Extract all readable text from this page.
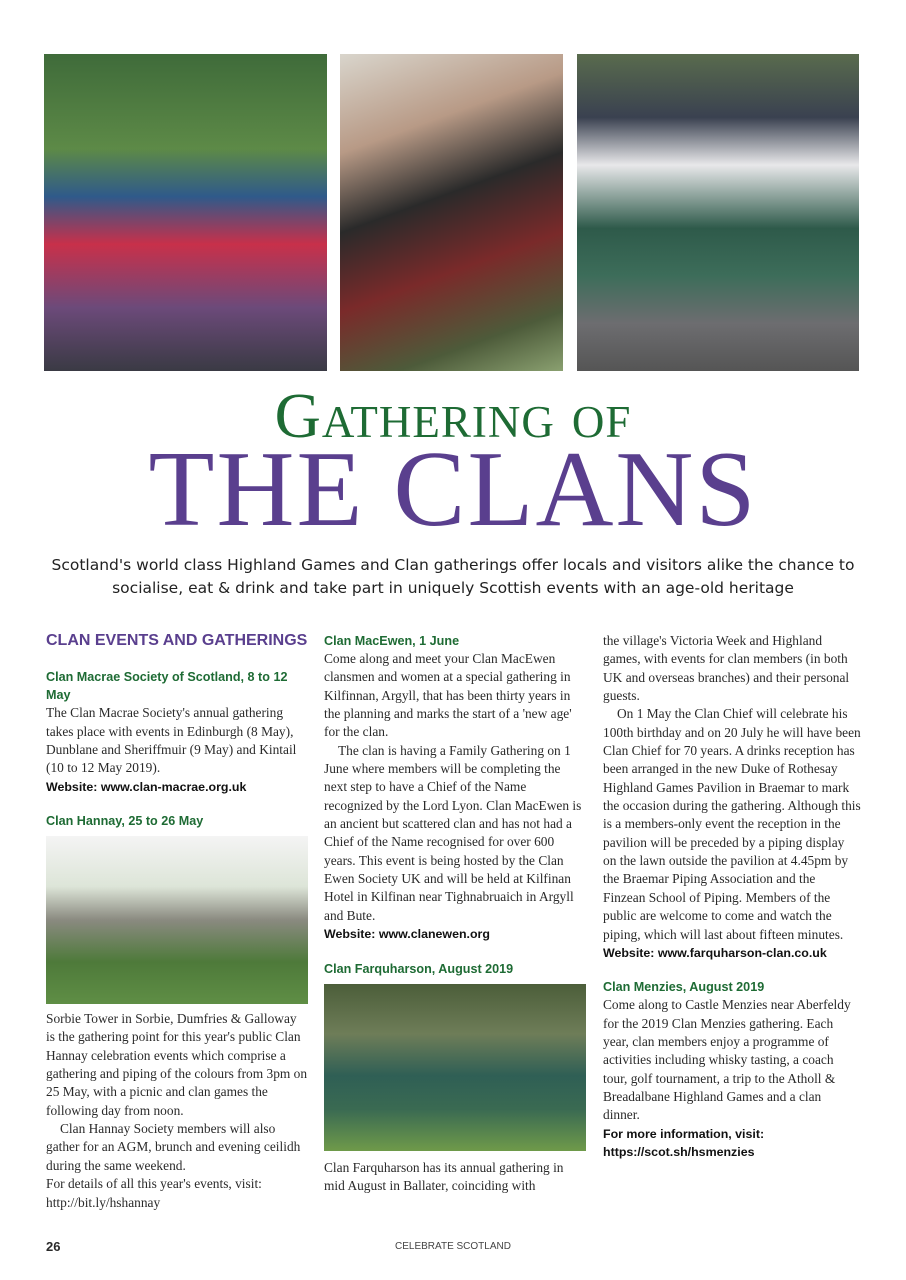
Gathering of
THE CLANS
Scotland's world class Highland Games and Clan gatherings offer locals and visitors alike the chance to socialise, eat & drink and take part in uniquely Scottish events with an age-old heritage
CLAN EVENTS AND GATHERINGS
Clan Macrae Society of Scotland, 8 to 12 May

The Clan Macrae Society's annual gathering takes place with events in Edinburgh (8 May), Dunblane and Sheriffmuir (9 May) and Kintail (10 to 12 May 2019).

Website: www.clan-macrae.org.uk
Clan Hannay, 25 to 26 May

Sorbie Tower in Sorbie, Dumfries & Galloway is the gathering point for this year's public Clan Hannay celebration events which comprise a gathering and piping of the colours from 3pm on 25 May, with a picnic and clan games the following day from noon.

Clan Hannay Society members will also gather for an AGM, brunch and evening ceilidh during the same weekend.

For details of all this year's events, visit: http://bit.ly/hshannay

Clan MacEwen, 1 June

Come along and meet your Clan MacEwen clansmen and women at a special gathering in Kilfinnan, Argyll, that has been thirty years in the planning and marks the start of a 'new age' for the clan.

The clan is having a Family Gathering on 1 June where members will be completing the next step to have a Chief of the Name recognized by the Lord Lyon. Clan MacEwen is an ancient but scattered clan and has not had a Chief of the Name recognised for over 600 years. This event is being hosted by the Clan Ewen Society UK and will be held at Kilfinan Hotel in Kilfinan near Tighnabruaich in Argyll and Bute.

Website: www.clanewen.org
Clan Farquharson, August 2019

Clan Farquharson has its annual gathering in mid August in Ballater, coinciding with

the village's Victoria Week and Highland games, with events for clan members (in both UK and overseas branches) and their personal guests.

On 1 May the Clan Chief will celebrate his 100th birthday and on 20 July he will have been Clan Chief for 70 years. A drinks reception has been arranged in the new Duke of Rothesay Highland Games Pavilion in Braemar to mark the occasion during the gathering. Although this is a members-only event the reception in the pavilion will be preceded by a piping display on the lawn outside the pavilion at 4.45pm by the Braemar Piping Association and the Finzean School of Piping. Members of the public are welcome to come and watch the piping, which will last about fifteen minutes.

Website: www.farquharson-clan.co.uk
Clan Menzies, August 2019

Come along to Castle Menzies near Aberfeldy for the 2019 Clan Menzies gathering. Each year, clan members enjoy a programme of activities including whisky tasting, a coach tour, golf tournament, a trip to the Atholl & Breadalbane Highland Games and a clan dinner.

For more information, visit: https://scot.sh/hsmenzies
26	CELEBRATE SCOTLAND
